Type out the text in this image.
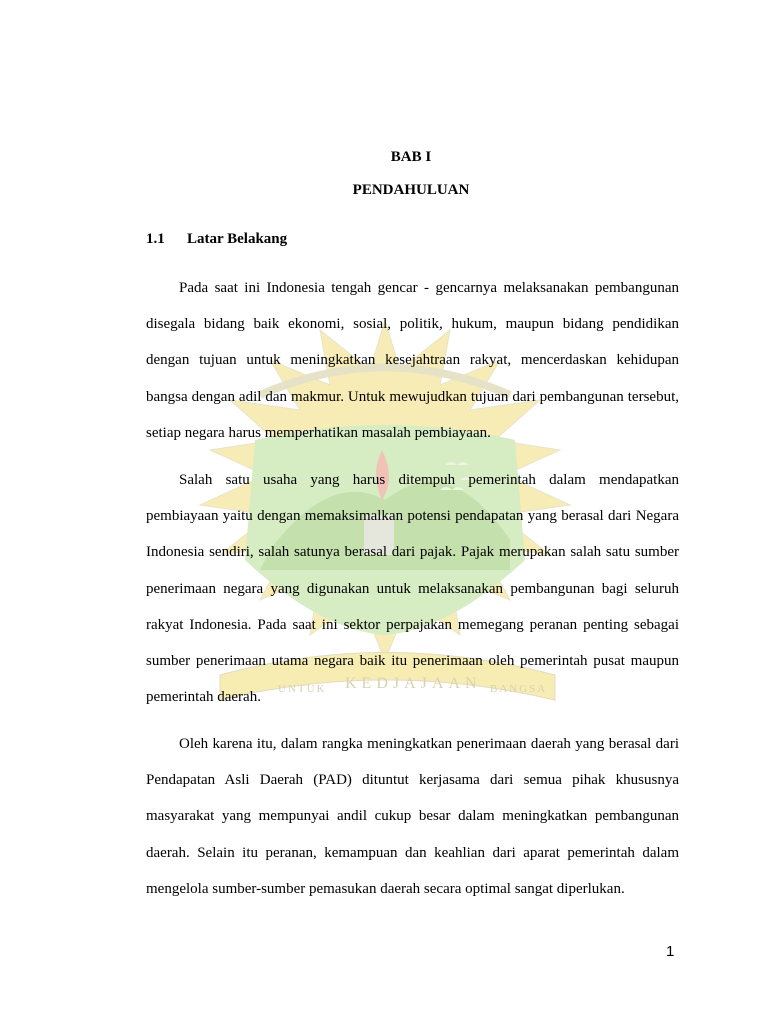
UNTUK KEDJAJAAN BANGSA
BAB I
PENDAHULUAN
1.1 Latar Belakang

Pada saat ini Indonesia tengah gencar - gencarnya melaksanakan pembangunan disegala bidang baik ekonomi, sosial, politik, hukum, maupun bidang pendidikan dengan tujuan untuk meningkatkan kesejahtraan rakyat, mencerdaskan kehidupan bangsa dengan adil dan makmur. Untuk mewujudkan tujuan dari pembangunan tersebut, setiap negara harus memperhatikan masalah pembiayaan.

Salah satu usaha yang harus ditempuh pemerintah dalam mendapatkan pembiayaan yaitu dengan memaksimalkan potensi pendapatan yang berasal dari Negara Indonesia sendiri, salah satunya berasal dari pajak. Pajak merupakan salah satu sumber penerimaan negara yang digunakan untuk melaksanakan pembangunan bagi seluruh rakyat Indonesia. Pada saat ini sektor perpajakan memegang peranan penting sebagai sumber penerimaan utama negara baik itu penerimaan oleh pemerintah pusat maupun pemerintah daerah.

Oleh karena itu, dalam rangka meningkatkan penerimaan daerah yang berasal dari Pendapatan Asli Daerah (PAD) dituntut kerjasama dari semua pihak khususnya masyarakat yang mempunyai andil cukup besar dalam meningkatkan pembangunan daerah. Selain itu peranan, kemampuan dan keahlian dari aparat pemerintah dalam mengelola sumber-sumber pemasukan daerah secara optimal sangat diperlukan.

1
